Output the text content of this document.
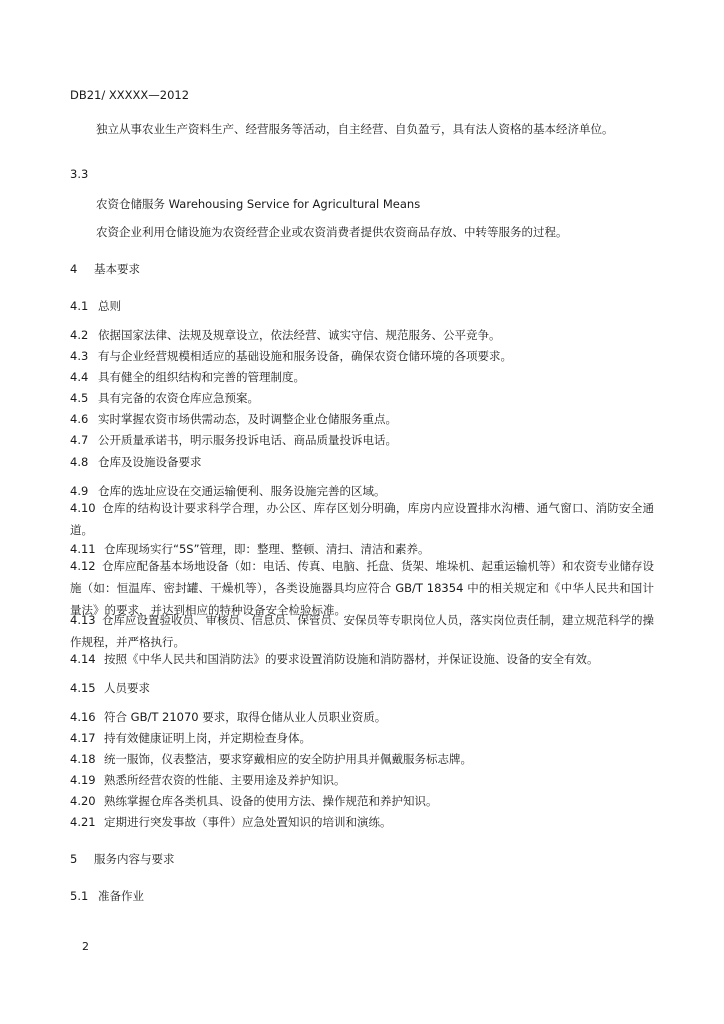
DB21/ XXXXX—2012
独立从事农业生产资料生产、经营服务等活动，自主经营、自负盈亏，具有法人资格的基本经济单位。
3.3
农资仓储服务 Warehousing Service for Agricultural Means
农资企业利用仓储设施为农资经营企业或农资消费者提供农资商品存放、中转等服务的过程。
4 基本要求
4.1 总则
4.2 依据国家法律、法规及规章设立，依法经营、诚实守信、规范服务、公平竞争。
4.3 有与企业经营规模相适应的基础设施和服务设备，确保农资仓储环境的各项要求。
4.4 具有健全的组织结构和完善的管理制度。
4.5 具有完备的农资仓库应急预案。
4.6 实时掌握农资市场供需动态，及时调整企业仓储服务重点。
4.7 公开质量承诺书，明示服务投诉电话、商品质量投诉电话。
4.8 仓库及设施设备要求
4.9 仓库的选址应设在交通运输便利、服务设施完善的区域。
4.10 仓库的结构设计要求科学合理，办公区、库存区划分明确，库房内应设置排水沟槽、通气窗口、消防安全通道。
4.11 仓库现场实行“5S”管理，即：整理、整顿、清扫、清洁和素养。
4.12 仓库应配备基本场地设备（如：电话、传真、电脑、托盘、货架、堆垛机、起重运输机等）和农资专业储存设施（如：恒温库、密封罐、干燥机等），各类设施器具均应符合 GB/T 18354 中的相关规定和《中华人民共和国计量法》的要求，并达到相应的特种设备安全检验标准。
4.13 仓库应设置验收员、审核员、信息员、保管员、安保员等专职岗位人员，落实岗位责任制，建立规范科学的操作规程，并严格执行。
4.14 按照《中华人民共和国消防法》的要求设置消防设施和消防器材，并保证设施、设备的安全有效。
4.15 人员要求
4.16 符合 GB/T 21070 要求，取得仓储从业人员职业资质。
4.17 持有效健康证明上岗，并定期检查身体。
4.18 统一服饰，仪表整洁，要求穿戴相应的安全防护用具并佩戴服务标志牌。
4.19 熟悉所经营农资的性能、主要用途及养护知识。
4.20 熟练掌握仓库各类机具、设备的使用方法、操作规范和养护知识。
4.21 定期进行突发事故（事件）应急处置知识的培训和演练。
5 服务内容与要求
5.1 准备作业
2
